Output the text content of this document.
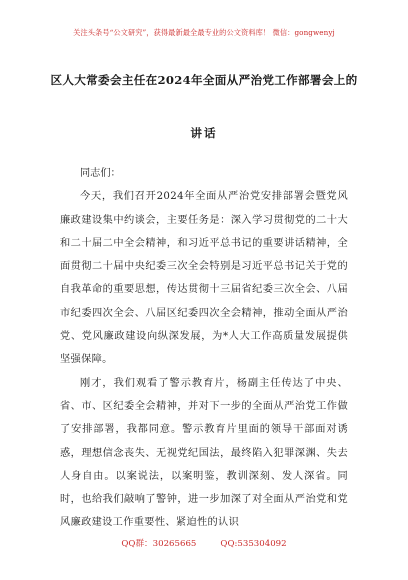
关注头条号“公文研究”，获得最新最全最专业的公文资料库！ 微信：gongwenyj
区人大常委会主任在2024年全面从严治党工作部署会上的
讲话

同志们：

今天，我们召开2024年全面从严治党安排部署会暨党风廉政建设集中约谈会，主要任务是：深入学习贯彻党的二十大和二十届二中全会精神，和习近平总书记的重要讲话精神，全面贯彻二十届中央纪委三次全会特别是习近平总书记关于党的自我革命的重要思想，传达贯彻十三届省纪委三次全会、八届市纪委四次全会、八届区纪委四次全会精神，推动全面从严治党、党风廉政建设向纵深发展，为*人大工作高质量发展提供坚强保障。

刚才，我们观看了警示教育片，杨副主任传达了中央、省、市、区纪委全会精神，并对下一步的全面从严治党工作做了安排部署，我都同意。警示教育片里面的领导干部面对诱惑，理想信念丧失、无视党纪国法，最终陷入犯罪深渊、失去人身自由。以案说法，以案明鉴，教训深刻、发人深省。同时，也给我们敲响了警钟，进一步加深了对全面从严治党和党风廉政建设工作重要性、紧迫性的认识

QQ群：30265665	QQ:535304092
